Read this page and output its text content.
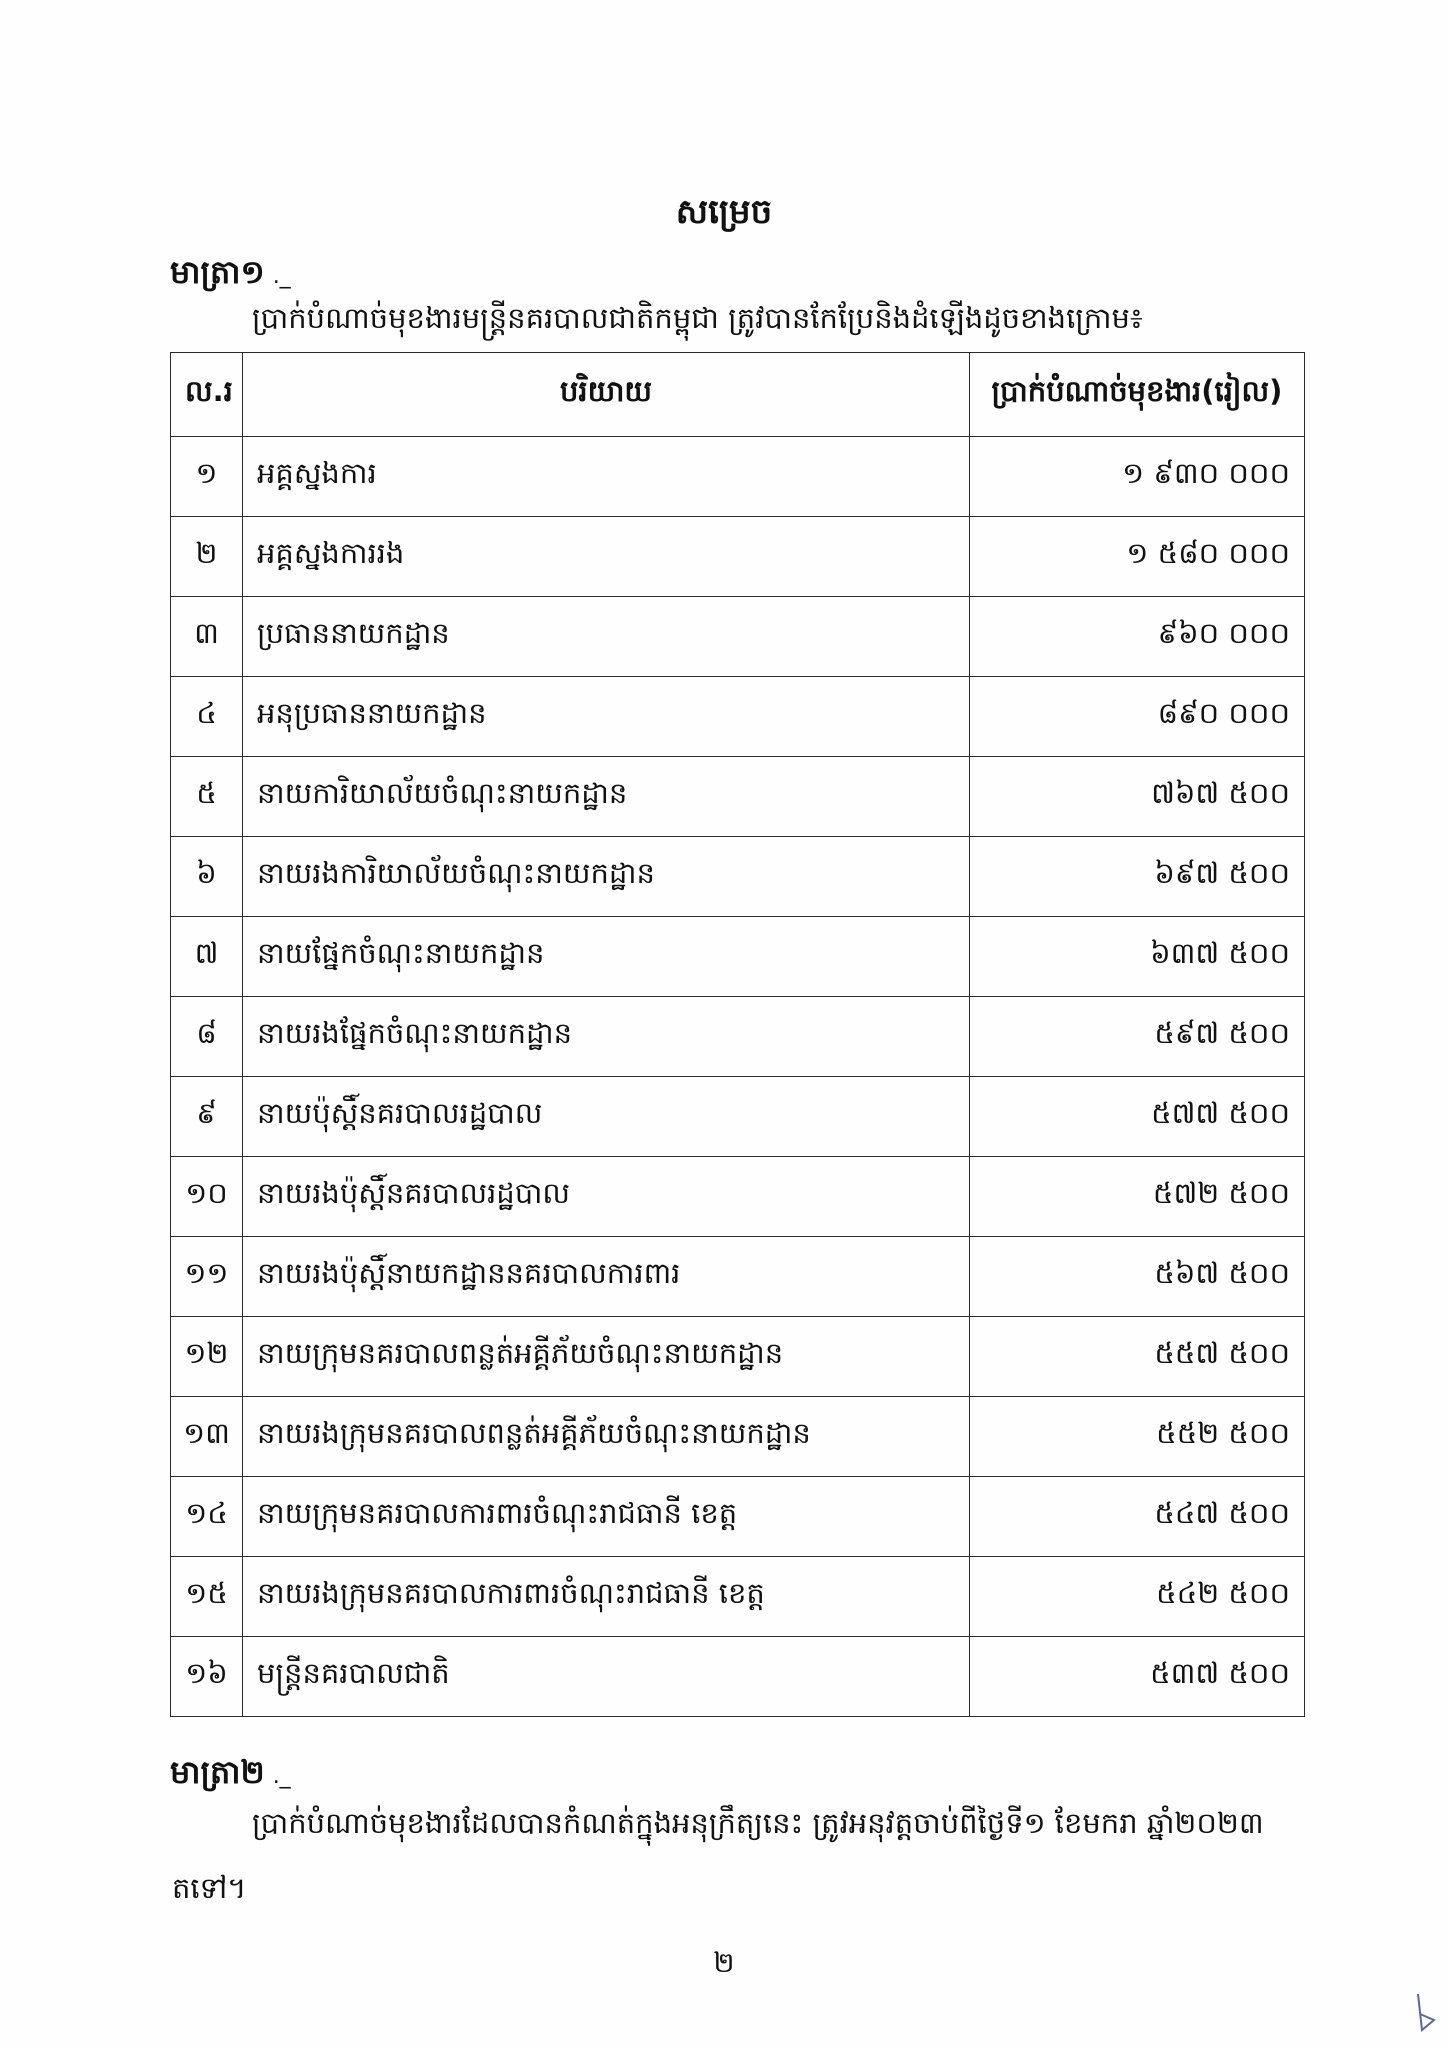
សម្រេច
មាត្រា១ ._
ប្រាក់បំណាច់មុខងារមន្ត្រីនគរបាលជាតិកម្ពុជា ត្រូវបានកែប្រែនិងដំឡើងដូចខាងក្រោម៖
ល.រ	បរិយាយ	ប្រាក់បំណាច់មុខងារ(រៀល)
១	អគ្គស្នងការ	១ ៩៣០ ០០០
២	អគ្គស្នងការរង	១ ៥៨០ ០០០
៣	ប្រធាននាយកដ្ឋាន	៩៦០ ០០០
៤	អនុប្រធាននាយកដ្ឋាន	៨៩០ ០០០
៥	នាយការិយាល័យចំណុះនាយកដ្ឋាន	៧៦៧ ៥០០
៦	នាយរងការិយាល័យចំណុះនាយកដ្ឋាន	៦៩៧ ៥០០
៧	នាយផ្នែកចំណុះនាយកដ្ឋាន	៦៣៧ ៥០០
៨	នាយរងផ្នែកចំណុះនាយកដ្ឋាន	៥៩៧ ៥០០
៩	នាយប៉ុស្តិ៍នគរបាលរដ្ឋបាល	៥៧៧ ៥០០
១០	នាយរងប៉ុស្តិ៍នគរបាលរដ្ឋបាល	៥៧២ ៥០០
១១	នាយរងប៉ុស្តិ៍នាយកដ្ឋាននគរបាលការពារ	៥៦៧ ៥០០
១២	នាយក្រុមនគរបាលពន្លត់អគ្គីភ័យចំណុះនាយកដ្ឋាន	៥៥៧ ៥០០
១៣	នាយរងក្រុមនគរបាលពន្លត់អគ្គីភ័យចំណុះនាយកដ្ឋាន	៥៥២ ៥០០
១៤	នាយក្រុមនគរបាលការពារចំណុះរាជធានី ខេត្ត	៥៤៧ ៥០០
១៥	នាយរងក្រុមនគរបាលការពារចំណុះរាជធានី ខេត្ត	៥៤២ ៥០០
១៦	មន្ត្រីនគរបាលជាតិ	៥៣៧ ៥០០
មាត្រា២ ._
ប្រាក់បំណាច់មុខងារដែលបានកំណត់ក្នុងអនុក្រឹត្យនេះ ត្រូវអនុវត្តចាប់ពីថ្ងៃទី១ ខែមករា ឆ្នាំ២០២៣
តទៅ។
២
